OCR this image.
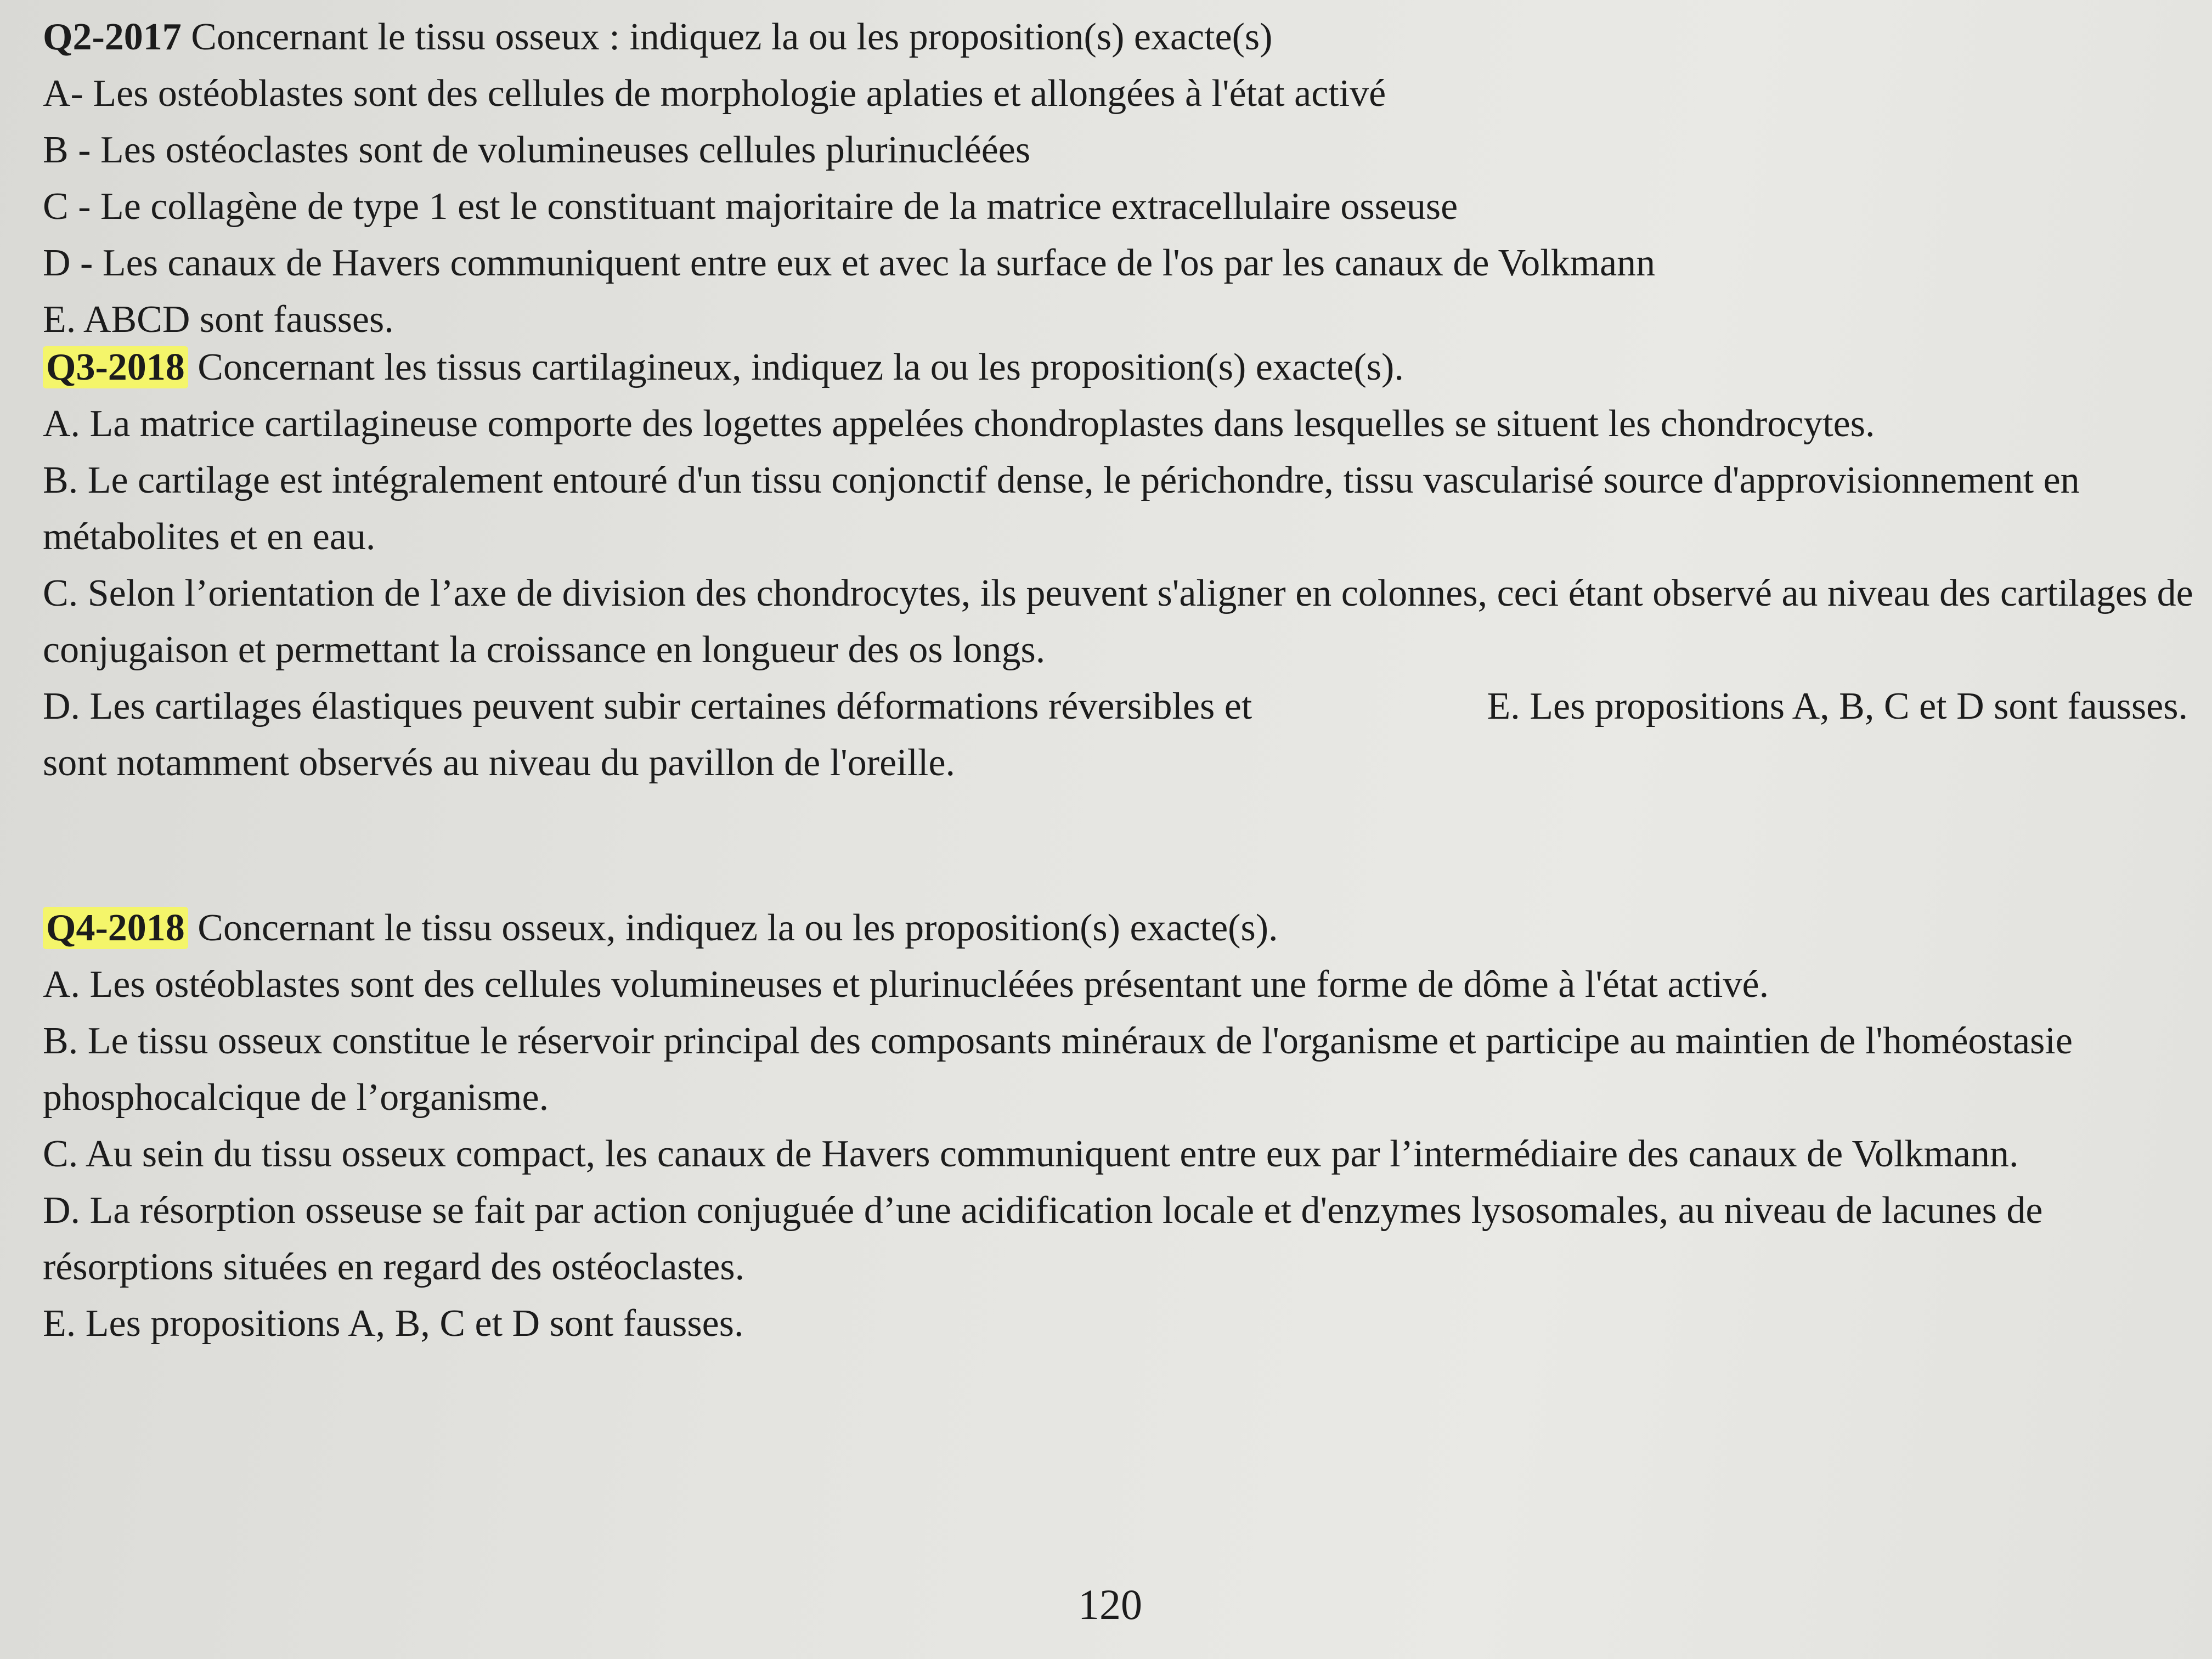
Q2-2017 Concernant le tissu osseux : indiquez la ou les proposition(s) exacte(s)
A- Les ostéoblastes sont des cellules de morphologie aplaties et allongées à l'état activé
B - Les ostéoclastes sont de volumineuses cellules plurinucléées
C - Le collagène de type 1 est le constituant majoritaire de la matrice extracellulaire osseuse
D - Les canaux de Havers communiquent entre eux et avec la surface de l'os par les canaux de Volkmann
E. ABCD sont fausses.
Q3-2018 Concernant les tissus cartilagineux, indiquez la ou les proposition(s) exacte(s).
A. La matrice cartilagineuse comporte des logettes appelées chondroplastes dans lesquelles se situent les chondrocytes.
B. Le cartilage est intégralement entouré d'un tissu conjonctif dense, le périchondre, tissu vascularisé source d'approvisionnement en métabolites et en eau.
C. Selon l’orientation de l’axe de division des chondrocytes, ils peuvent s'aligner en colonnes, ceci étant observé au niveau des cartilages de conjugaison et permettant la croissance en longueur des os longs.
D. Les cartilages élastiques peuvent subir certaines déformations réversibles et sont notamment observés au niveau du pavillon de l'oreille.
E. Les propositions A, B, C et D sont fausses.
Q4-2018 Concernant le tissu osseux, indiquez la ou les proposition(s) exacte(s).
A. Les ostéoblastes sont des cellules volumineuses et plurinucléées présentant une forme de dôme à l'état activé.
B. Le tissu osseux constitue le réservoir principal des composants minéraux de l'organisme et participe au maintien de l'homéostasie phosphocalcique de l’organisme.
C. Au sein du tissu osseux compact, les canaux de Havers communiquent entre eux par l’intermédiaire des canaux de Volkmann.
D. La résorption osseuse se fait par action conjuguée d’une acidification locale et d'enzymes lysosomales, au niveau de lacunes de résorptions situées en regard des ostéoclastes.
E. Les propositions A, B, C et D sont fausses.
120
